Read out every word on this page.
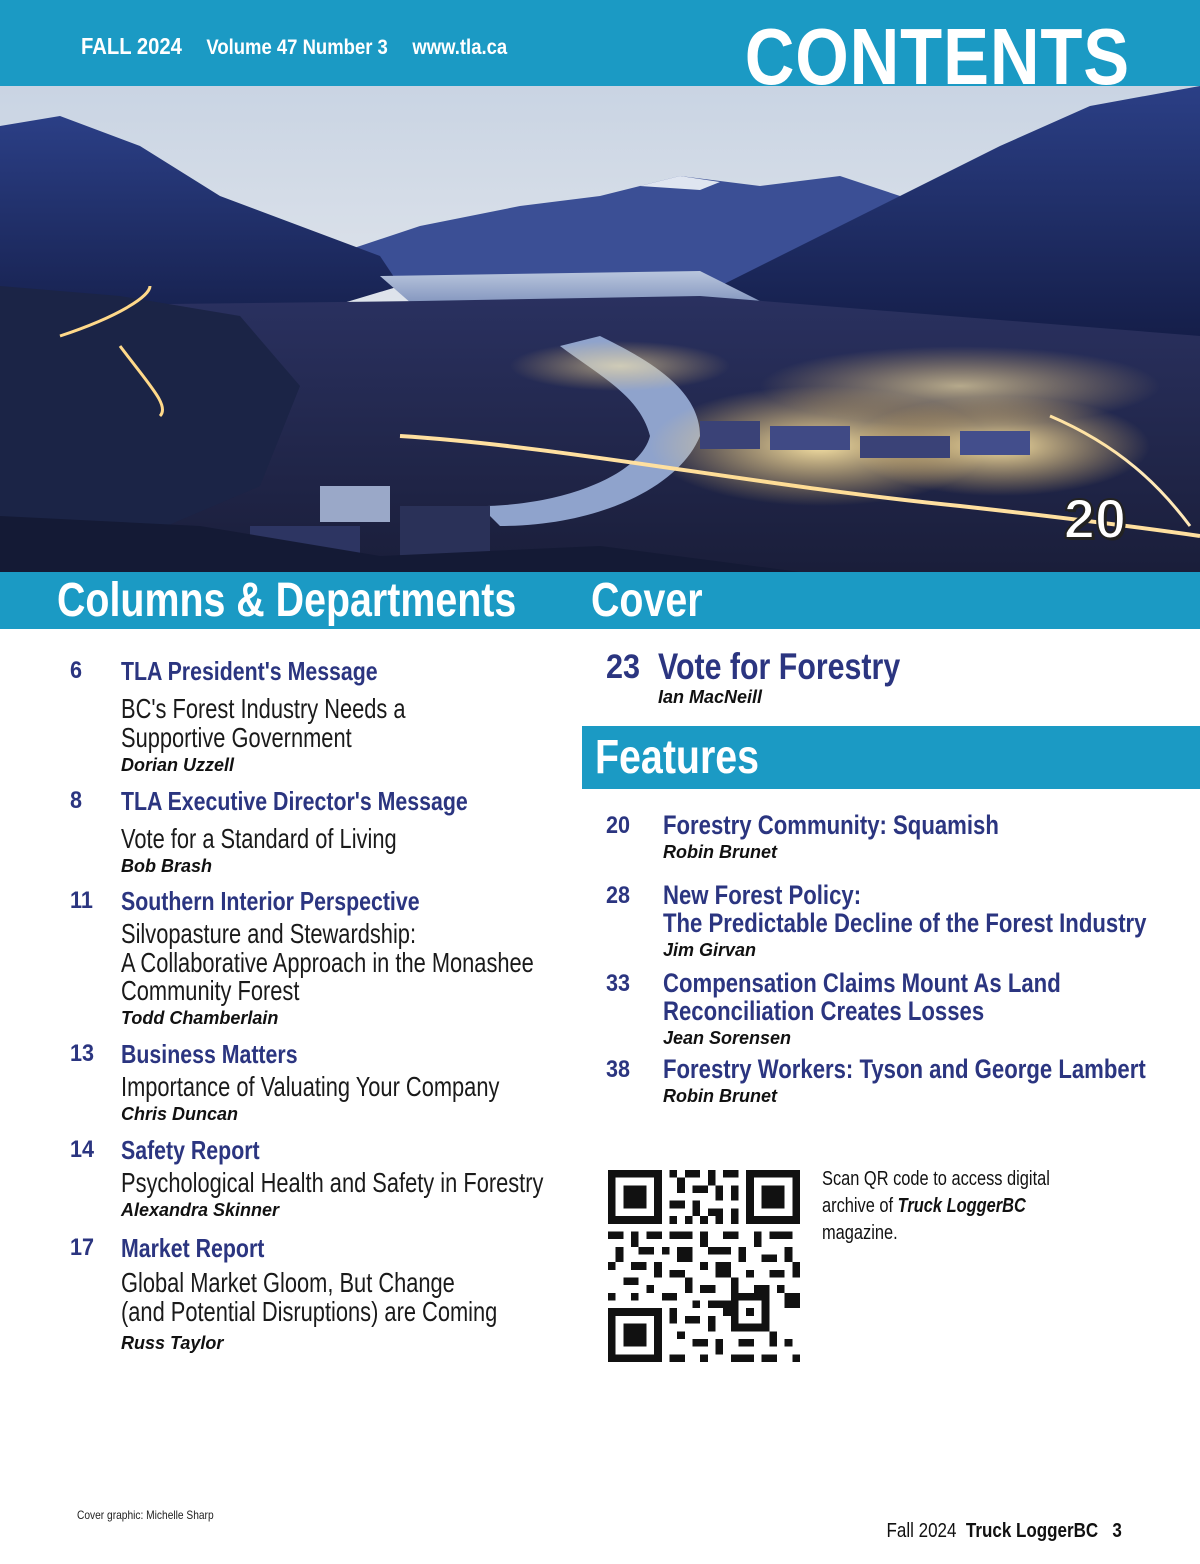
FALL 2024 Volume 47 Number 3 www.tla.ca	CONTENTS
20
Columns & Departments Cover
6 TLA President's Message
BC's Forest Industry Needs a
Supportive Government
Dorian Uzzell
8 TLA Executive Director's Message
Vote for a Standard of Living
Bob Brash
11 Southern Interior Perspective
Silvopasture and Stewardship:
A Collaborative Approach in the Monashee
Community Forest
Todd Chamberlain
13 Business Matters
Importance of Valuating Your Company
Chris Duncan
14 Safety Report
Psychological Health and Safety in Forestry
Alexandra Skinner
17 Market Report
Global Market Gloom, But Change
(and Potential Disruptions) are Coming
Russ Taylor
23 Vote for Forestry
Ian MacNeill
Features
20 Forestry Community: Squamish
Robin Brunet
28 New Forest Policy:
The Predictable Decline of the Forest Industry
Jim Girvan
33 Compensation Claims Mount As Land
Reconciliation Creates Losses
Jean Sorensen
38 Forestry Workers: Tyson and George Lambert
Robin Brunet
Scan QR code to access digital archive of Truck LoggerBC magazine.
Cover graphic: Michelle Sharp
Fall 2024 Truck LoggerBC 3
